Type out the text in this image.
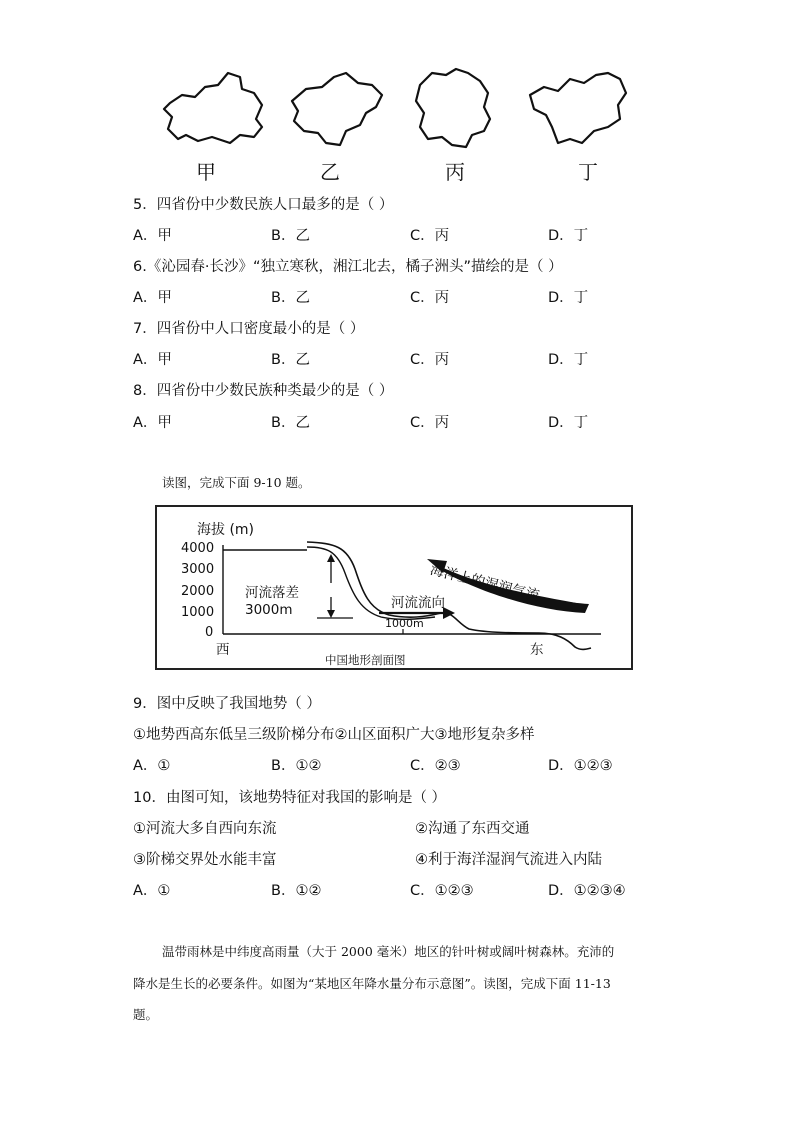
甲	乙	丙	丁
5．四省份中少数民族人口最多的是（ ）
A．甲	B．乙	C．丙	D．丁
6.《沁园春·长沙》“独立寒秋，湘江北去，橘子洲头”描绘的是（ ）
A．甲	B．乙	C．丙	D．丁
7．四省份中人口密度最小的是（ ）
A．甲	B．乙	C．丙	D．丁
8．四省份中少数民族种类最少的是（ ）
A．甲	B．乙	C．丙	D．丁
读图，完成下面 9-10 题。
海拔 (m)
4000
3000
2000
1000
0
河流落差
3000m	河流流向
海洋上的湿润气流
1000m
西	东
中国地形剖面图
9．图中反映了我国地势（ ）
①地势西高东低呈三级阶梯分布②山区面积广大③地形复杂多样
A．①	B．①②	C．②③	D．①②③
10．由图可知，该地势特征对我国的影响是（ ）
①河流大多自西向东流	②沟通了东西交通
③阶梯交界处水能丰富	④利于海洋湿润气流进入内陆
A．①	B．①②	C．①②③	D．①②③④
温带雨林是中纬度高雨量（大于 2000 毫米）地区的针叶树或阔叶树森林。充沛的
降水是生长的必要条件。如图为“某地区年降水量分布示意图”。读图，完成下面 11-13
题。
